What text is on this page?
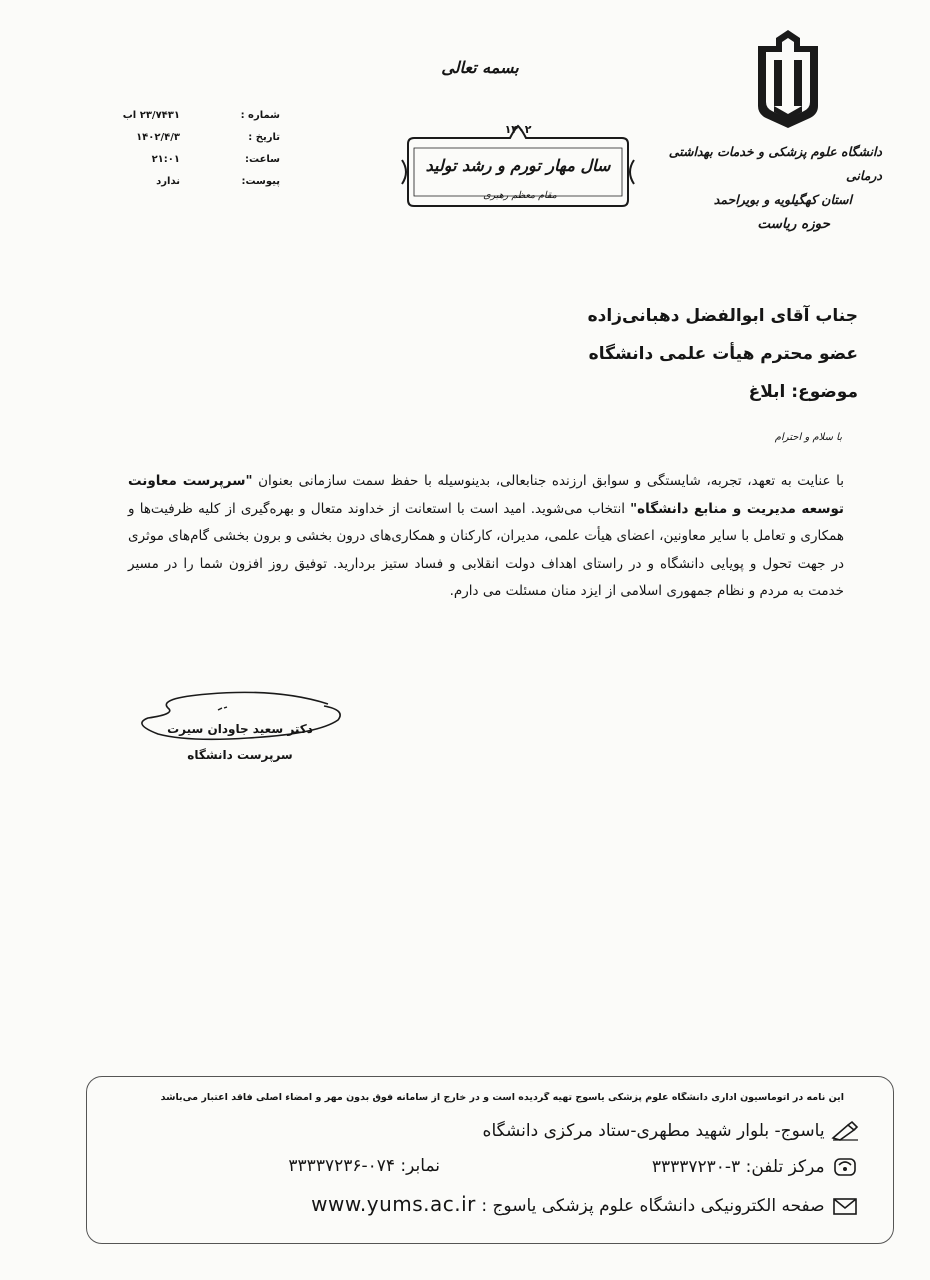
دانشگاه علوم پزشکی و خدمات بهداشتی درمانی
استان کهگیلویه و بویراحمد
حوزه ریاست
بسمه تعالی
۱۴۰۲
سال مهار تورم و رشد تولید
مقام معظم رهبری
شماره :
۲۳/۷۴۳۱ اب
تاریخ :
۱۴۰۲/۴/۳
ساعت:
۲۱:۰۱
پیوست:
ندارد
جناب آقای ابوالفضل دهبانی‌زاده
عضو محترم هیأت علمی دانشگاه
موضوع: ابلاغ
با سلام و احترام
با عنایت به تعهد، تجربه، شایستگی و سوابق ارزنده جنابعالی، بدینوسیله با حفظ سمت سازمانی بعنوان "سرپرست معاونت توسعه مدیریت و منابع دانشگاه" انتخاب می‌شوید. امید است با استعانت از خداوند متعال و بهره‌گیری از کلیه ظرفیت‌ها و همکاری و تعامل با سایر معاونین، اعضای هیأت علمی، مدیران، کارکنان و همکاری‌های درون بخشی و برون بخشی گام‌های موثری در جهت تحول و پویایی دانشگاه و در راستای اهداف دولت انقلابی و فساد ستیز بردارید. توفیق روز افزون شما را در مسیر خدمت به مردم و نظام جمهوری اسلامی از ایزد منان مسئلت می دارم.
دکتر سعید جاودان سیرت
سرپرست دانشگاه
این نامه در اتوماسیون اداری دانشگاه علوم پزشکی یاسوج تهیه گردیده است و در خارج از سامانه فوق بدون مهر و امضاء اصلی فاقد اعتبار می‌باشد
یاسوج- بلوار شهید مطهری-ستاد مرکزی دانشگاه
مرکز تلفن: ۳-۳۳۳۳۷۲۳۰
نمابر: ۰۷۴-۳۳۳۳۷۲۳۶
صفحه الکترونیکی دانشگاه علوم پزشکی یاسوج : www.yums.ac.ir
